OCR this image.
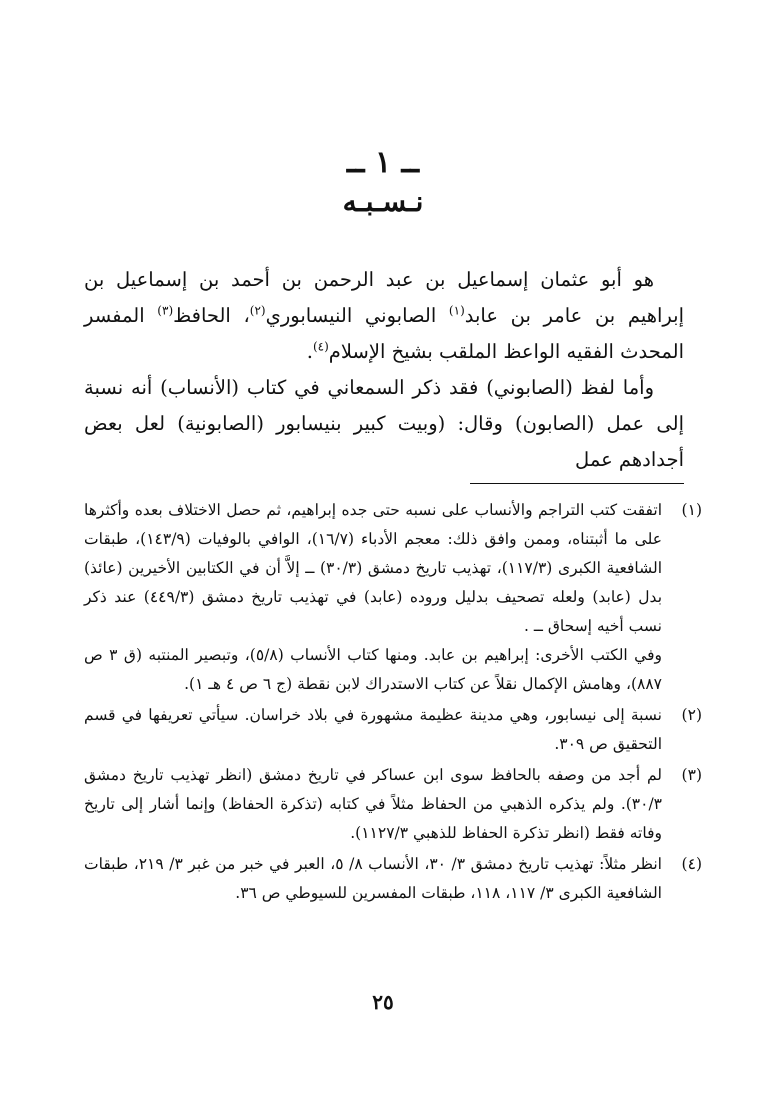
ــ ١ ــ
نـسـبـه

هو أبو عثمان إسماعيل بن عبد الرحمن بن أحمد بن إسماعيل بن إبراهيم بن عامر بن عابد$^{(١)}$ الصابوني النيسابوري$^{(٢)}$، الحافظ$^{(٣)}$ المفسر المحدث الفقيه الواعظ الملقب بشيخ الإسلام$^{(٤)}$.

وأما لفظ (الصابوني) فقد ذكر السمعاني في كتاب (الأنساب) أنه نسبة إلى عمل (الصابون) وقال: (وبيت كبير بنيسابور (الصابونية) لعل بعض أجدادهم عمل

(١)

اتفقت كتب التراجم والأنساب على نسبه حتى جده إبراهيم، ثم حصل الاختلاف بعده وأكثرها على ما أثبتناه، وممن وافق ذلك: معجم الأدباء (١٦/٧)، الوافي بالوفيات (١٤٣/٩)، طبقات الشافعية الكبرى (١١٧/٣)، تهذيب تاريخ دمشق (٣٠/٣) ــ إلاَّ أن في الكتابين الأخيرين (عائذ) بدل (عابد) ولعله تصحيف بدليل وروده (عابد) في تهذيب تاريخ دمشق (٤٤٩/٣) عند ذكر نسب أخيه إسحاق ــ .

وفي الكتب الأخرى: إبراهيم بن عابد. ومنها كتاب الأنساب (٥/٨)، وتبصير المنتبه (ق ٣ ص ٨٨٧)، وهامش الإكمال نقلاً عن كتاب الاستدراك لابن نقطة (ج ٦ ص ٤ هـ ١).

(٢)

نسبة إلى نيسابور، وهي مدينة عظيمة مشهورة في بلاد خراسان. سيأتي تعريفها في قسم التحقيق ص ٣٠٩.

(٣)

لم أجد من وصفه بالحافظ سوى ابن عساكر في تاريخ دمشق (انظر تهذيب تاريخ دمشق ٣٠/٣). ولم يذكره الذهبي من الحفاظ مثلاً في كتابه (تذكرة الحفاظ) وإنما أشار إلى تاريخ وفاته فقط (انظر تذكرة الحفاظ للذهبي ١١٢٧/٣).

(٤)

انظر مثلاً: تهذيب تاريخ دمشق ٣/ ٣٠، الأنساب ٨/ ٥، العبر في خبر من غبر ٣/ ٢١٩، طبقات الشافعية الكبرى ٣/ ١١٧، ١١٨، طبقات المفسرين للسيوطي ص ٣٦.

٢٥
